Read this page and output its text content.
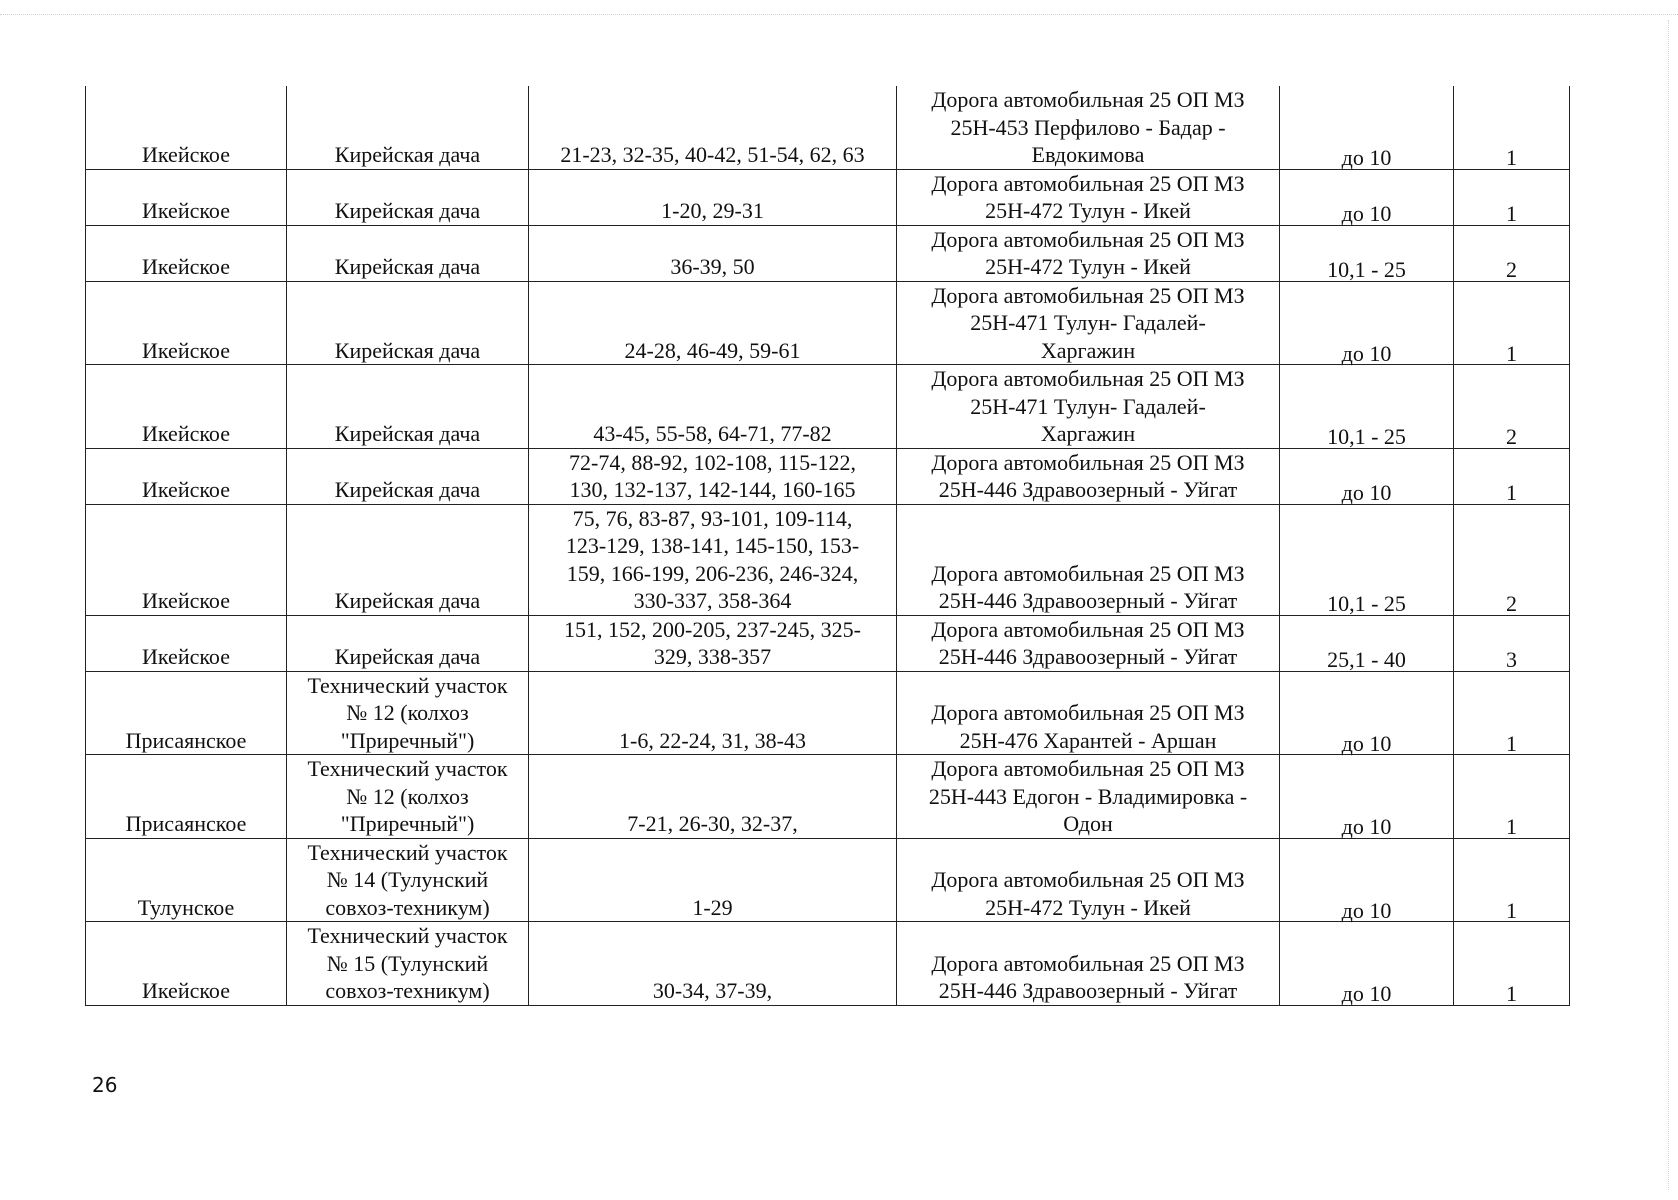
Икейское	Кирейская дача	21-23, 32-35, 40-42, 51-54, 62, 63	Дорога автомобильная 25 ОП МЗ
25Н-453 Перфилово - Бадар -
Евдокимова	до 10	1
Икейское	Кирейская дача	1-20, 29-31	Дорога автомобильная 25 ОП МЗ
25Н-472 Тулун - Икей	до 10	1
Икейское	Кирейская дача	36-39, 50	Дорога автомобильная 25 ОП МЗ
25Н-472 Тулун - Икей	10,1 - 25	2
Икейское	Кирейская дача	24-28, 46-49, 59-61	Дорога автомобильная 25 ОП МЗ
25Н-471 Тулун- Гадалей-
Харгажин	до 10	1
Икейское	Кирейская дача	43-45, 55-58, 64-71, 77-82	Дорога автомобильная 25 ОП МЗ
25Н-471 Тулун- Гадалей-
Харгажин	10,1 - 25	2
Икейское	Кирейская дача	72-74, 88-92, 102-108, 115-122,
130, 132-137, 142-144, 160-165	Дорога автомобильная 25 ОП МЗ
25Н-446 Здравоозерный - Уйгат	до 10	1
Икейское	Кирейская дача	75, 76, 83-87, 93-101, 109-114,
123-129, 138-141, 145-150, 153-
159, 166-199, 206-236, 246-324,
330-337, 358-364	Дорога автомобильная 25 ОП МЗ
25Н-446 Здравоозерный - Уйгат	10,1 - 25	2
Икейское	Кирейская дача	151, 152, 200-205, 237-245, 325-
329, 338-357	Дорога автомобильная 25 ОП МЗ
25Н-446 Здравоозерный - Уйгат	25,1 - 40	3
Присаянское	Технический участок
№ 12 (колхоз
"Приречный")	1-6, 22-24, 31, 38-43	Дорога автомобильная 25 ОП МЗ
25Н-476 Харантей - Аршан	до 10	1
Присаянское	Технический участок
№ 12 (колхоз
"Приречный")	7-21, 26-30, 32-37,	Дорога автомобильная 25 ОП МЗ
25Н-443 Едогон - Владимировка -
Одон	до 10	1
Тулунское	Технический участок
№ 14 (Тулунский
совхоз-техникум)	1-29	Дорога автомобильная 25 ОП МЗ
25Н-472 Тулун - Икей	до 10	1
Икейское	Технический участок
№ 15 (Тулунский
совхоз-техникум)	30-34, 37-39,	Дорога автомобильная 25 ОП МЗ
25Н-446 Здравоозерный - Уйгат	до 10	1
26
